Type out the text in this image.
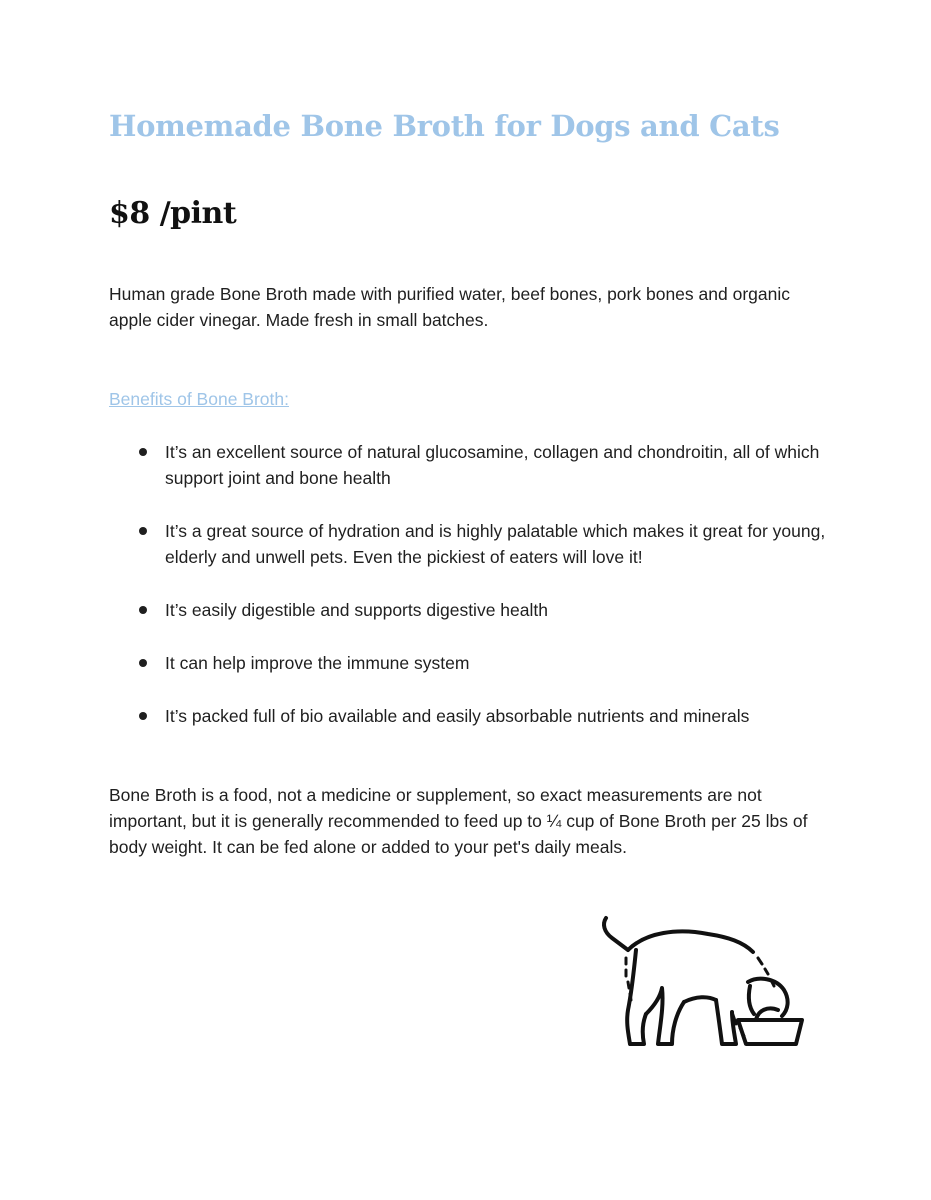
Homemade Bone Broth for Dogs and Cats
$8 /pint

Human grade Bone Broth made with purified water, beef bones, pork bones and organic apple cider vinegar. Made fresh in small batches.

Benefits of Bone Broth:
It’s an excellent source of natural glucosamine, collagen and chondroitin, all of which support joint and bone health
It’s a great source of hydration and is highly palatable which makes it great for young, elderly and unwell pets. Even the pickiest of eaters will love it!
It’s easily digestible and supports digestive health
It can help improve the immune system
It’s packed full of bio available and easily absorbable nutrients and minerals

Bone Broth is a food, not a medicine or supplement, so exact measurements are not important, but it is generally recommended to feed up to ¼ cup of Bone Broth per 25 lbs of body weight. It can be fed alone or added to your pet's daily meals.
